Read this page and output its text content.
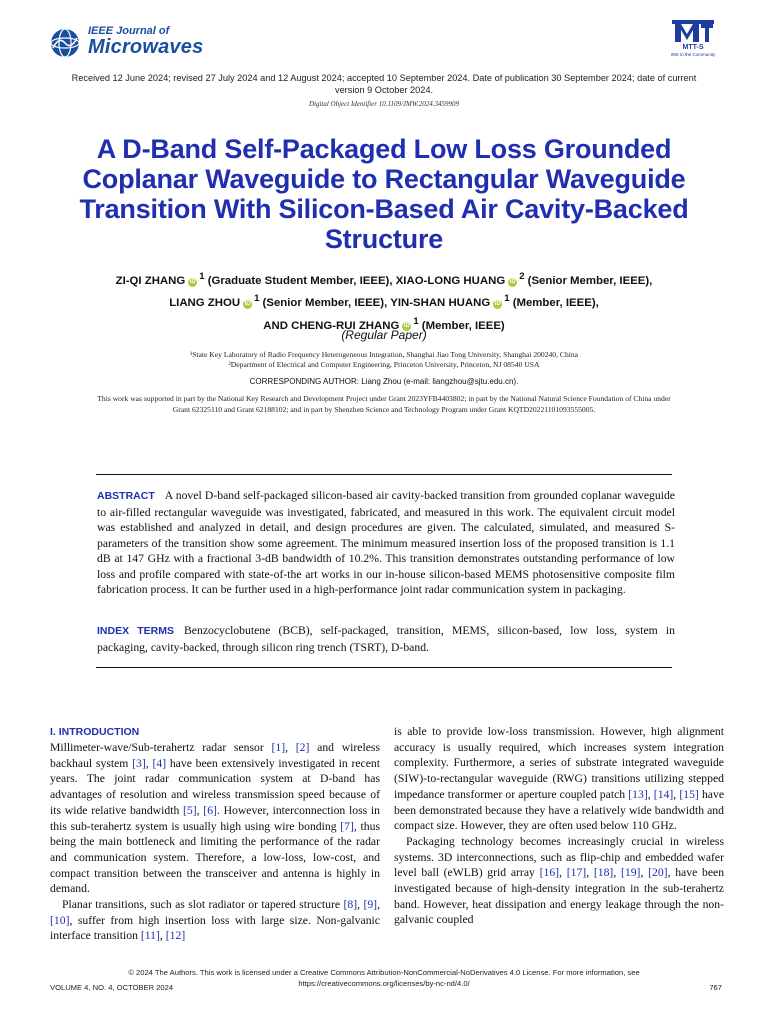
IEEE Journal of
Microwaves	MTT-S
IMS to the Community
Received 12 June 2024; revised 27 July 2024 and 12 August 2024; accepted 10 September 2024. Date of publication 30 September 2024; date of current version 9 October 2024.
Digital Object Identifier 10.1109/JMW.2024.3459909
A D-Band Self-Packaged Low Loss Grounded Coplanar Waveguide to Rectangular Waveguide Transition With Silicon-Based Air Cavity-Backed Structure
ZI-QI ZHANG iD $^1$ (Graduate Student Member, IEEE), XIAO-LONG HUANG iD $^2$ (Senior Member, IEEE),
LIANG ZHOU iD $^1$ (Senior Member, IEEE), YIN-SHAN HUANG iD $^1$ (Member, IEEE),
AND CHENG-RUI ZHANG iD $^1$ (Member, IEEE)
(Regular Paper)
¹State Key Laboratory of Radio Frequency Heterogeneous Integration, Shanghai Jiao Tong University, Shanghai 200240, China
²Department of Electrical and Computer Engineering, Princeton University, Princeton, NJ 08540 USA
CORRESPONDING AUTHOR: Liang Zhou (e-mail: liangzhou@sjtu.edu.cn).
This work was supported in part by the National Key Research and Development Project under Grant 2023YFB4403802; in part by the National Natural Science Foundation of China under Grant 62325110 and Grant 62188102; and in part by Shenzhen Science and Technology Program under Grant KQTD20221101093555005.
ABSTRACT A novel D-band self-packaged silicon-based air cavity-backed transition from grounded coplanar waveguide to air-filled rectangular waveguide was investigated, fabricated, and measured in this work. The equivalent circuit model was established and analyzed in detail, and design procedures are given. The calculated, simulated, and measured S-parameters of the transition show some agreement. The minimum measured insertion loss of the proposed transition is 1.1 dB at 147 GHz with a fractional 3-dB bandwidth of 10.2%. This transition demonstrates outstanding performance of low loss and profile compared with state-of-the art works in our in-house silicon-based MEMS photosensitive composite film fabrication process. It can be further used in a high-performance joint radar communication system in packaging.
INDEX TERMS Benzocyclobutene (BCB), self-packaged, transition, MEMS, silicon-based, low loss, system in packaging, cavity-backed, through silicon ring trench (TSRT), D-band.
I. INTRODUCTION

Millimeter-wave/Sub-terahertz radar sensor [1], [2] and wireless backhaul system [3], [4] have been extensively investigated in recent years. The joint radar communication system at D-band has advantages of resolution and wireless transmission speed because of its wide relative bandwidth [5], [6]. However, interconnection loss in this sub-terahertz system is usually high using wire bonding [7], thus being the main bottleneck and limiting the performance of the radar and communication system. Therefore, a low-loss, low-cost, and compact transition between the transceiver and antenna is highly in demand.

Planar transitions, such as slot radiator or tapered structure [8], [9], [10], suffer from high insertion loss with large size. Non-galvanic interface transition [11], [12]

is able to provide low-loss transmission. However, high alignment accuracy is usually required, which increases system integration complexity. Furthermore, a series of substrate integrated waveguide (SIW)-to-rectangular waveguide (RWG) transitions utilizing stepped impedance transformer or aperture coupled patch [13], [14], [15] have been demonstrated because they have a relatively wide bandwidth and compact size. However, they are often used below 110 GHz.

Packaging technology becomes increasingly crucial in wireless systems. 3D interconnections, such as flip-chip and embedded wafer level ball (eWLB) grid array [16], [17], [18], [19], [20], have been investigated because of high-density integration in the sub-terahertz band. However, heat dissipation and energy leakage through the non-galvanic coupled

© 2024 The Authors. This work is licensed under a Creative Commons Attribution-NonCommercial-NoDerivatives 4.0 License. For more information, see
https://creativecommons.org/licenses/by-nc-nd/4.0/
VOLUME 4, NO. 4, OCTOBER 2024	767
